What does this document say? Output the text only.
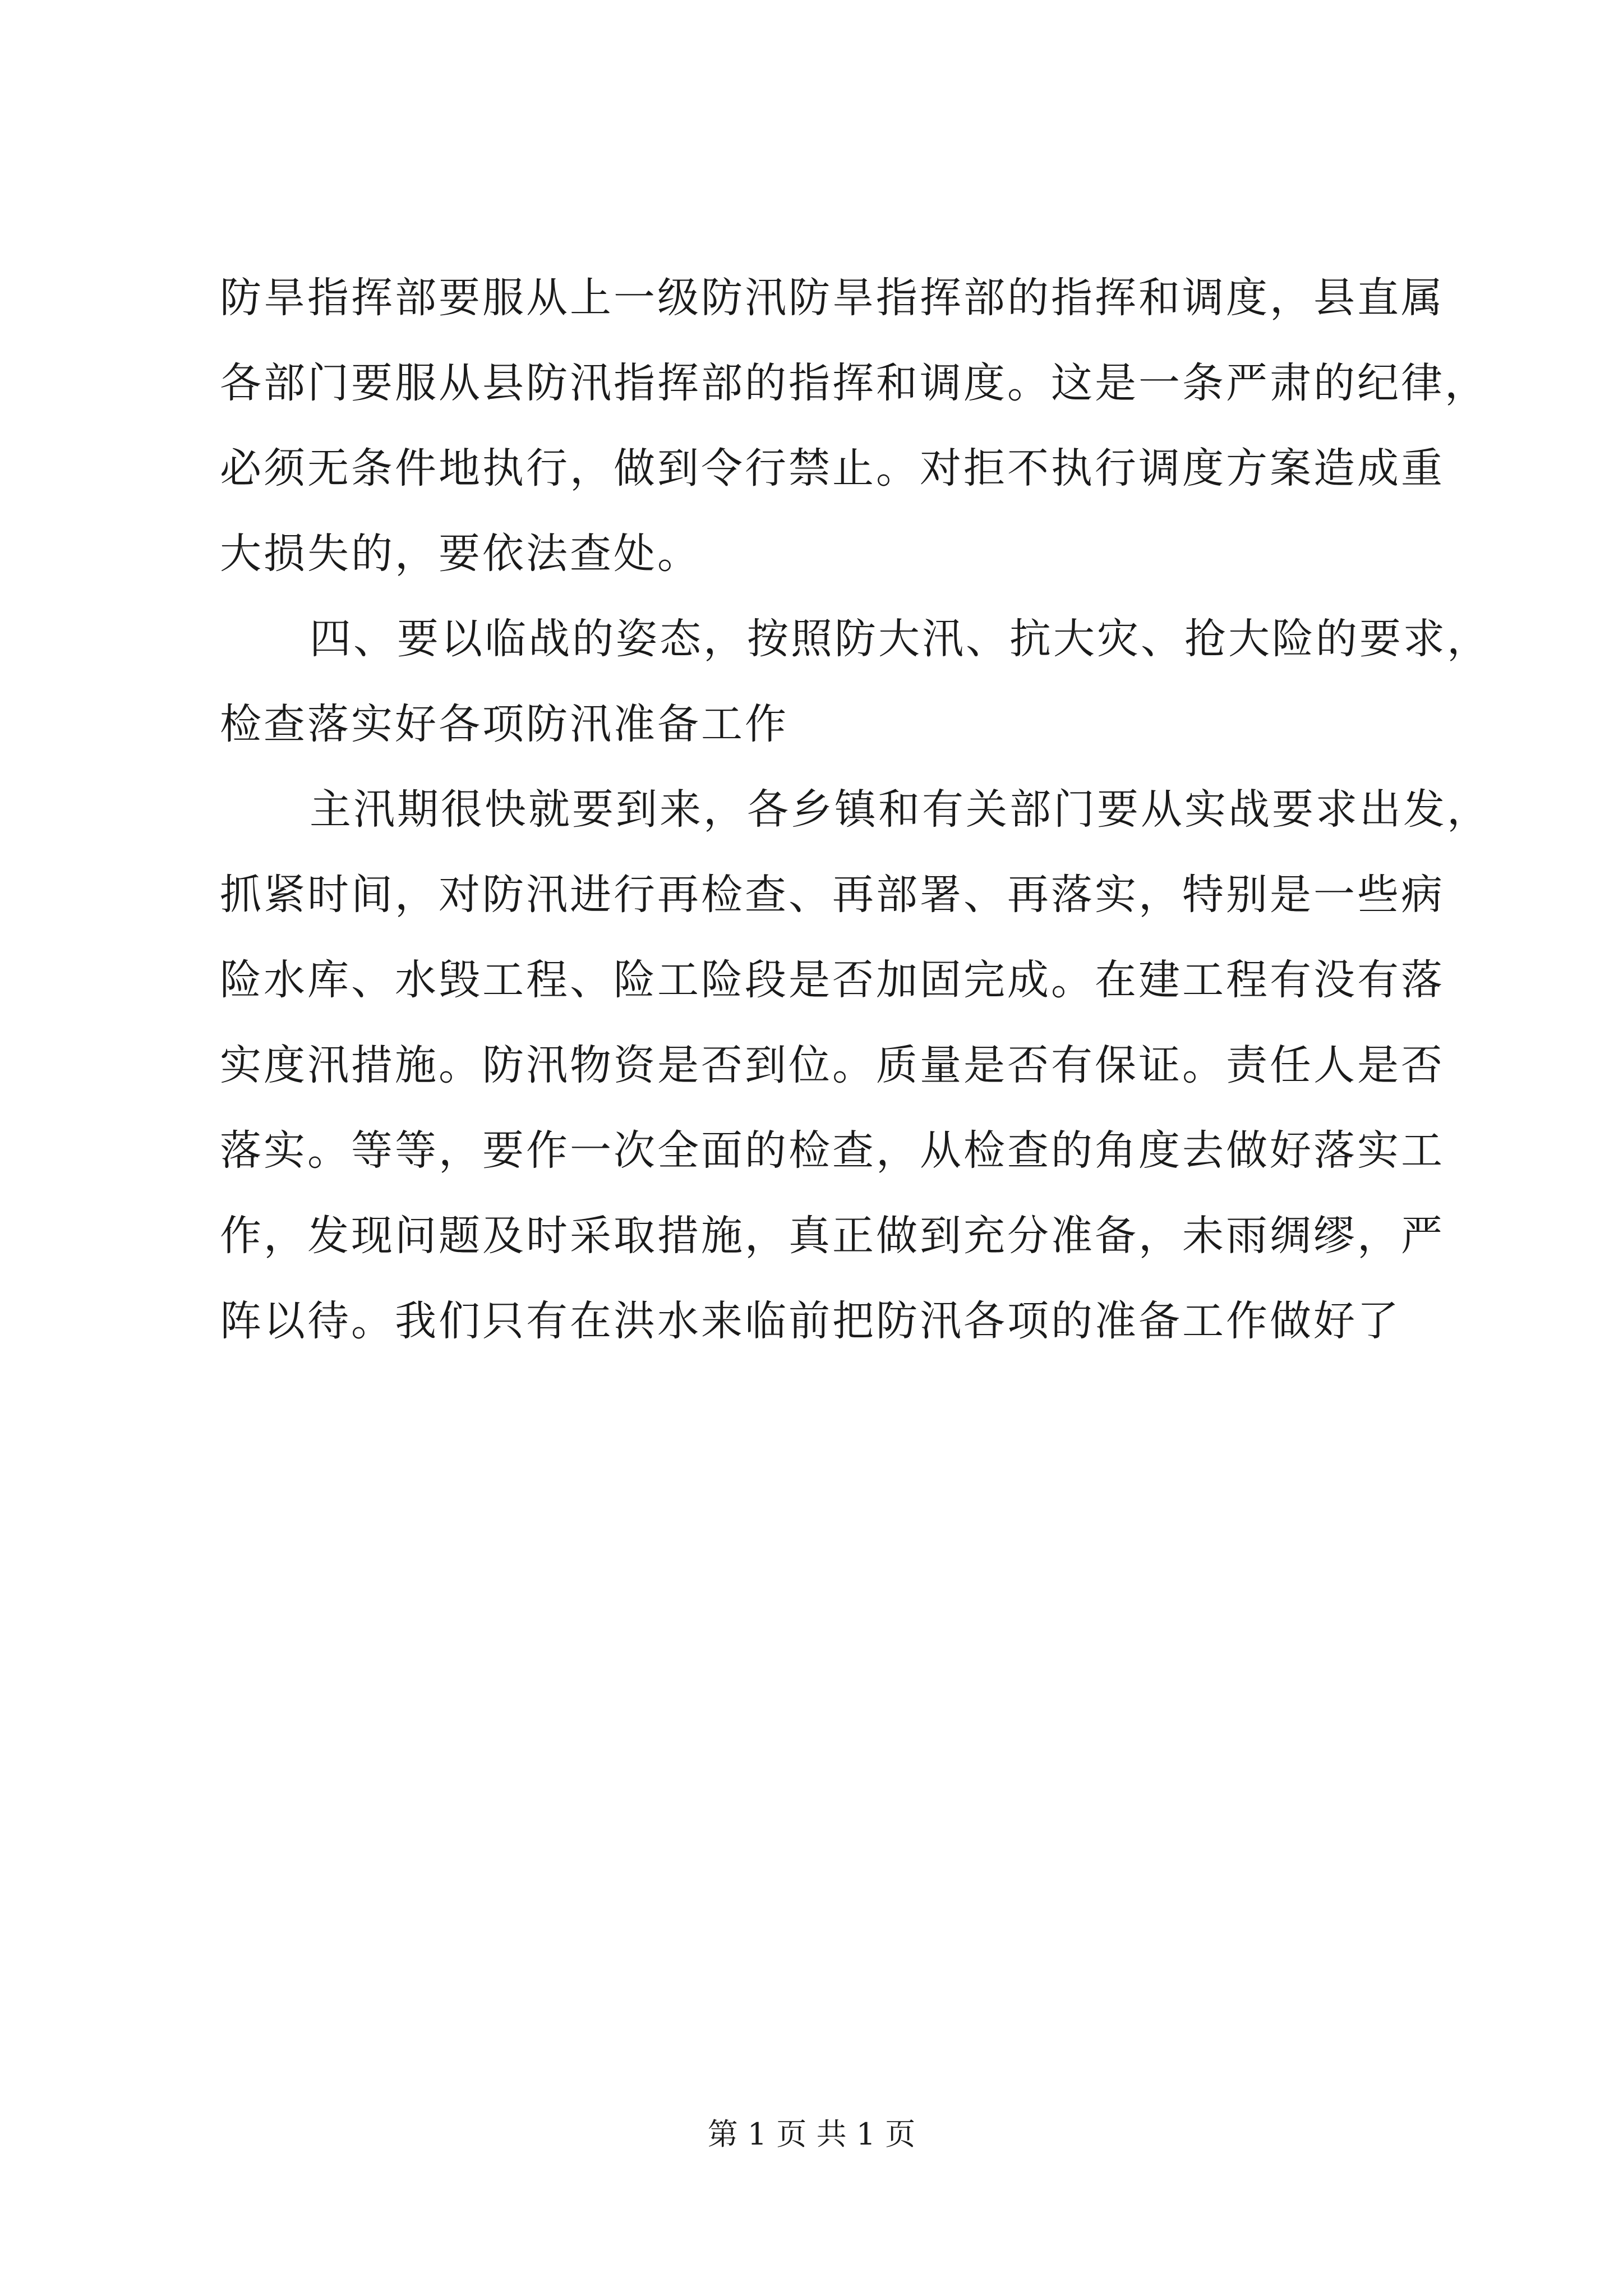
防旱指挥部要服从上一级防汛防旱指挥部的指挥和调度，县直属
各部门要服从县防汛指挥部的指挥和调度。这是一条严肃的纪律，
必须无条件地执行，做到令行禁止。对拒不执行调度方案造成重
大损失的，要依法查处。
四、要以临战的姿态，按照防大汛、抗大灾、抢大险的要求，
检查落实好各项防汛准备工作
主汛期很快就要到来，各乡镇和有关部门要从实战要求出发，
抓紧时间，对防汛进行再检查、再部署、再落实，特别是一些病
险水库、水毁工程、险工险段是否加固完成。在建工程有没有落
实度汛措施。防汛物资是否到位。质量是否有保证。责任人是否
落实。等等，要作一次全面的检查，从检查的角度去做好落实工
作，发现问题及时采取措施，真正做到充分准备，未雨绸缪，严
阵以待。我们只有在洪水来临前把防汛各项的准备工作做好了
第 1 页 共 1 页
